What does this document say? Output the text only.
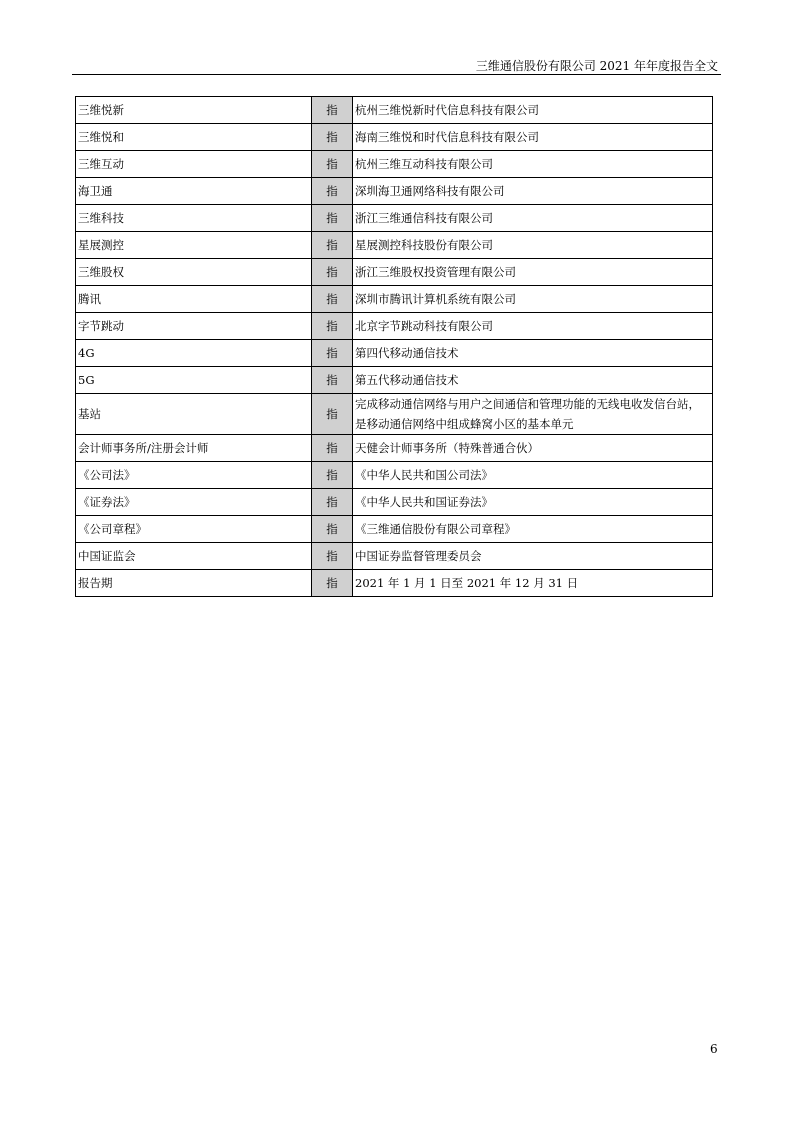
三维通信股份有限公司 2021 年年度报告全文
三维悦新	指	杭州三维悦新时代信息科技有限公司
三维悦和	指	海南三维悦和时代信息科技有限公司
三维互动	指	杭州三维互动科技有限公司
海卫通	指	深圳海卫通网络科技有限公司
三维科技	指	浙江三维通信科技有限公司
星展测控	指	星展测控科技股份有限公司
三维股权	指	浙江三维股权投资管理有限公司
腾讯	指	深圳市腾讯计算机系统有限公司
字节跳动	指	北京字节跳动科技有限公司
4G	指	第四代移动通信技术
5G	指	第五代移动通信技术
基站	指	完成移动通信网络与用户之间通信和管理功能的无线电收发信台站，是移动通信网络中组成蜂窝小区的基本单元
会计师事务所/注册会计师	指	天健会计师事务所（特殊普通合伙）
《公司法》	指	《中华人民共和国公司法》
《证券法》	指	《中华人民共和国证券法》
《公司章程》	指	《三维通信股份有限公司章程》
中国证监会	指	中国证券监督管理委员会
报告期	指	2021 年 1 月 1 日至 2021 年 12 月 31 日
6
